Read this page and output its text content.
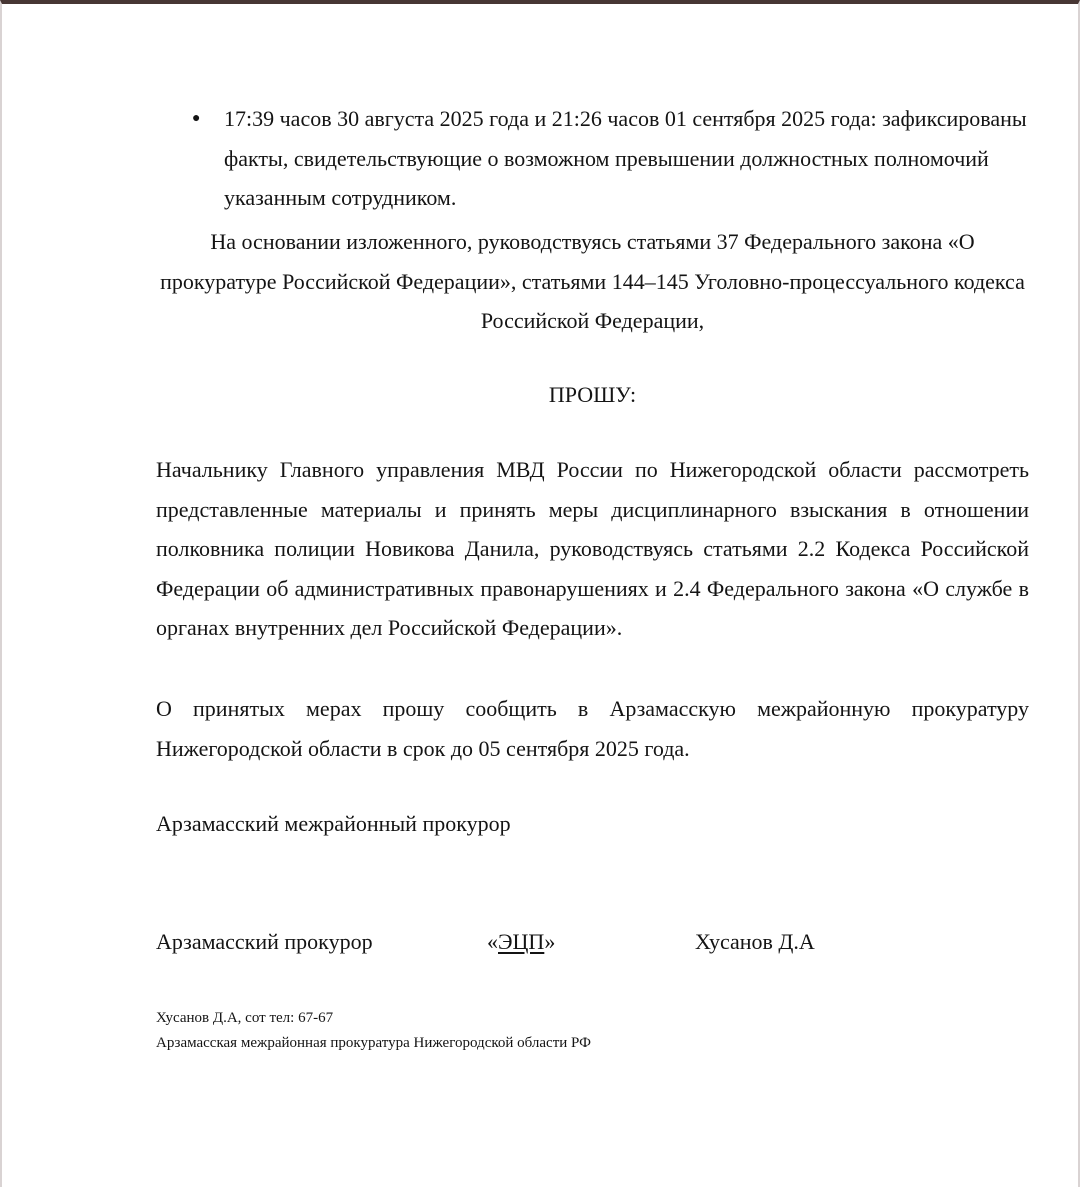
● 17:39 часов 30 августа 2025 года и 21:26 часов 01 сентября 2025 года: зафиксированы
факты, свидетельствующие о возможном превышении должностных полномочий
указанным сотрудником.
На основании изложенного, руководствуясь статьями 37 Федерального закона «О
прокуратуре Российской Федерации», статьями 144–145 Уголовно-процессуального кодекса
Российской Федерации,
ПРОШУ:
Начальнику Главного управления МВД России по Нижегородской области рассмотреть
представленные материалы и принять меры дисциплинарного взыскания в отношении
полковника полиции Новикова Данила, руководствуясь статьями 2.2 Кодекса Российской
Федерации об административных правонарушениях и 2.4 Федерального закона «О службе в
органах внутренних дел Российской Федерации».
О принятых мерах прошу сообщить в Арзамасскую межрайонную прокуратуру
Нижегородской области в срок до 05 сентября 2025 года.
Арзамасский межрайонный прокурор
Арзамасский прокурор	«ЭЦП»	Хусанов Д.А
Хусанов Д.А, сот тел: 67-67
Арзамасская межрайонная прокуратура Нижегородской области РФ
